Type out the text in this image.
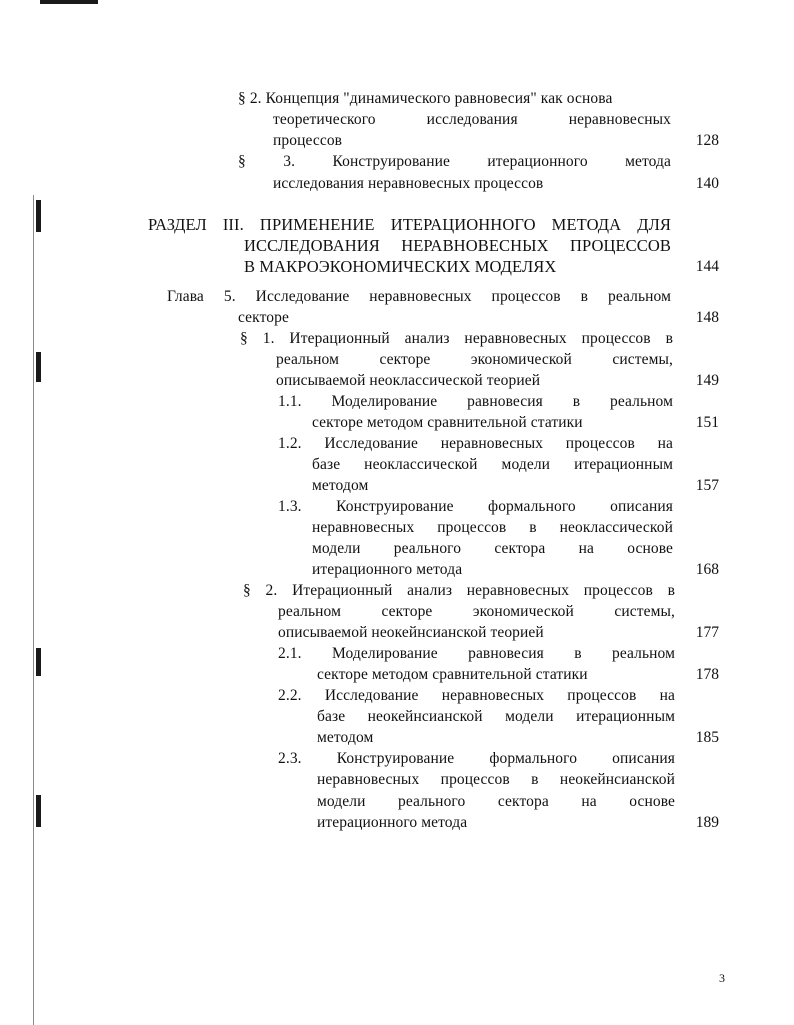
§ 2. Концепция "динамического равновесия" как основа
теоретического исследования неравновесных
процессов	128
§ 3. Конструирование итерационного метода
исследования неравновесных процессов	140
РАЗДЕЛ III. ПРИМЕНЕНИЕ ИТЕРАЦИОННОГО МЕТОДА ДЛЯ
ИССЛЕДОВАНИЯ НЕРАВНОВЕСНЫХ ПРОЦЕССОВ
В МАКРОЭКОНОМИЧЕСКИХ МОДЕЛЯХ	144
Глава 5. Исследование неравновесных процессов в реальном
секторе	148
§ 1. Итерационный анализ неравновесных процессов в
реальном секторе экономической системы,
описываемой неоклассической теорией	149
1.1. Моделирование равновесия в реальном
секторе методом сравнительной статики	151
1.2. Исследование неравновесных процессов на
базе неоклассической модели итерационным
методом	157
1.3. Конструирование формального описания
неравновесных процессов в неоклассической
модели реального сектора на основе
итерационного метода	168
§ 2. Итерационный анализ неравновесных процессов в
реальном секторе экономической системы,
описываемой неокейнсианской теорией	177
2.1. Моделирование равновесия в реальном
секторе методом сравнительной статики	178
2.2. Исследование неравновесных процессов на
базе неокейнсианской модели итерационным
методом	185
2.3. Конструирование формального описания
неравновесных процессов в неокейнсианской
модели реального сектора на основе
итерационного метода	189
3
